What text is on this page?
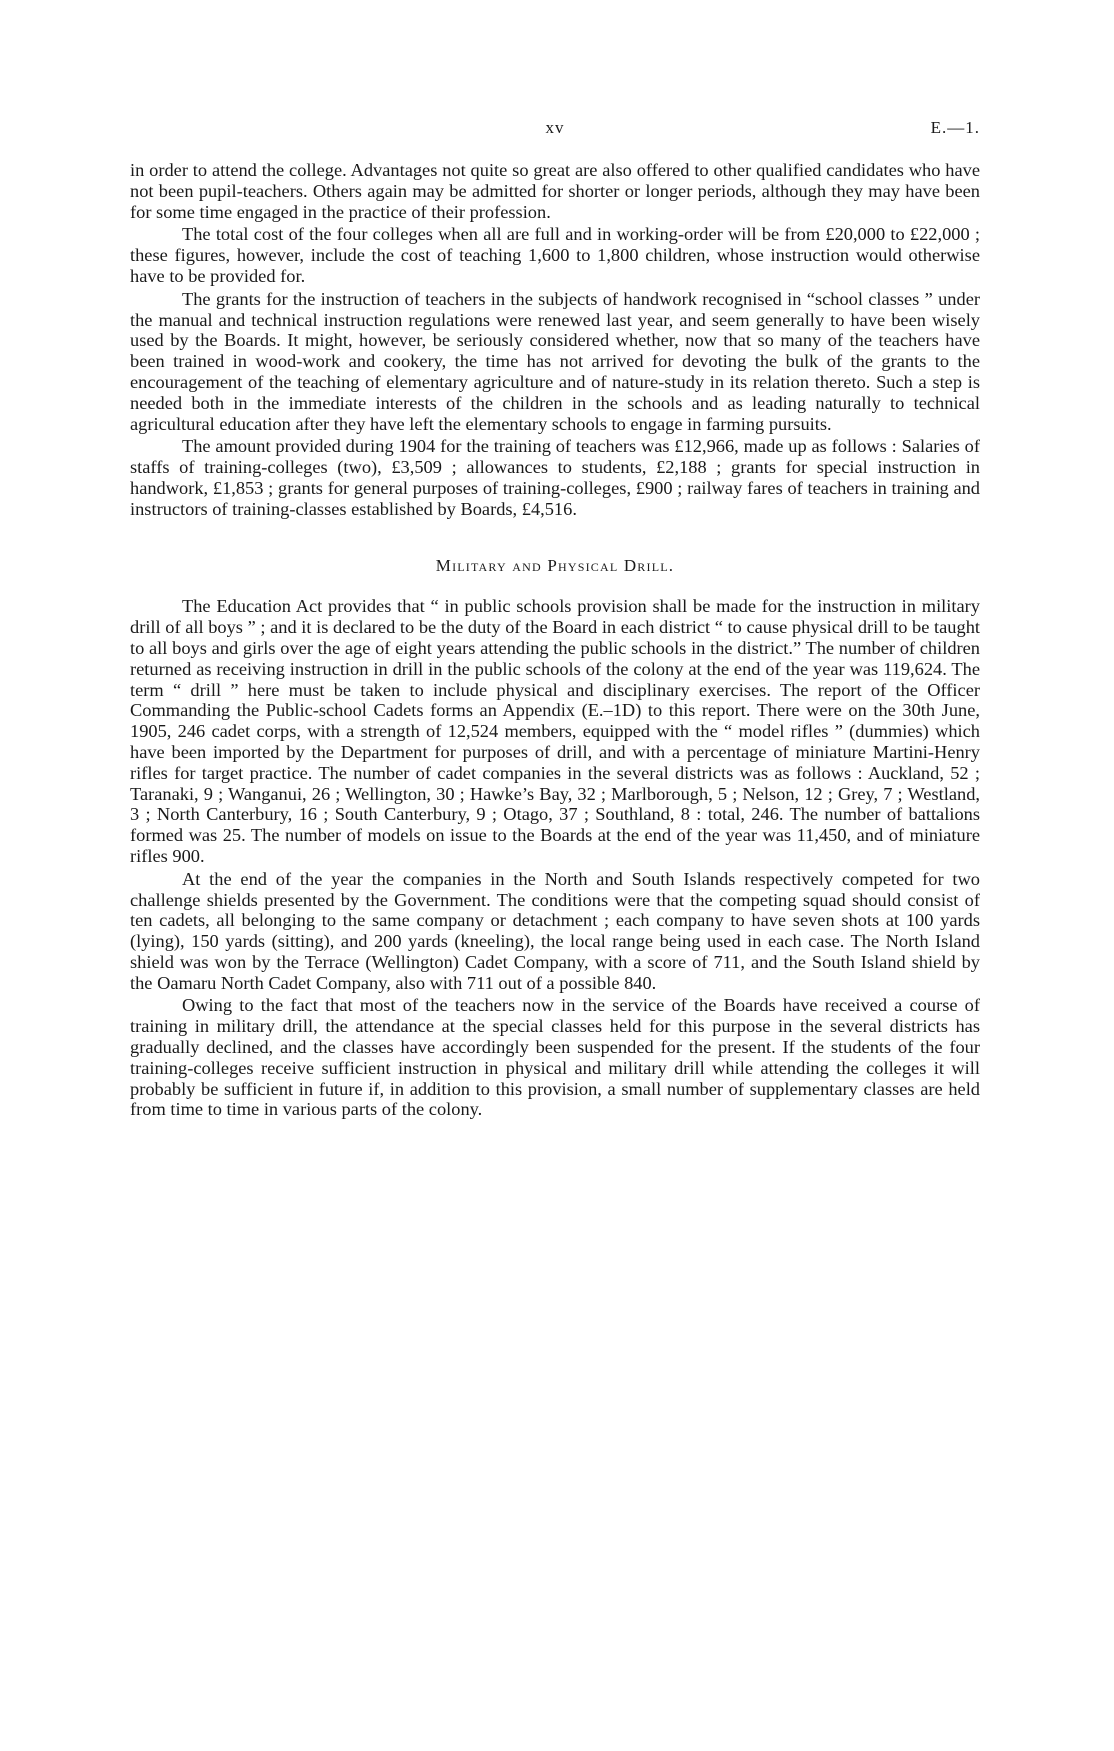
xv	E.—1.

in order to attend the college. Advantages not quite so great are also offered to other qualified candidates who have not been pupil-teachers. Others again may be admitted for shorter or longer periods, although they may have been for some time engaged in the practice of their profession.

The total cost of the four colleges when all are full and in working-order will be from £20,000 to £22,000 ; these figures, however, include the cost of teaching 1,600 to 1,800 children, whose instruction would otherwise have to be provided for.

The grants for the instruction of teachers in the subjects of handwork recognised in “school classes ” under the manual and technical instruction regulations were renewed last year, and seem generally to have been wisely used by the Boards. It might, however, be seriously considered whether, now that so many of the teachers have been trained in wood-work and cookery, the time has not arrived for devoting the bulk of the grants to the encouragement of the teaching of elementary agriculture and of nature-study in its relation thereto. Such a step is needed both in the immediate interests of the children in the schools and as leading naturally to technical agricultural education after they have left the elementary schools to engage in farming pursuits.

The amount provided during 1904 for the training of teachers was £12,966, made up as follows : Salaries of staffs of training-colleges (two), £3,509 ; allowances to students, £2,188 ; grants for special instruction in handwork, £1,853 ; grants for general purposes of training-colleges, £900 ; railway fares of teachers in training and instructors of training-classes established by Boards, £4,516.

Military and Physical Drill.

The Education Act provides that “ in public schools provision shall be made for the instruction in military drill of all boys ” ; and it is declared to be the duty of the Board in each district “ to cause physical drill to be taught to all boys and girls over the age of eight years attending the public schools in the district.” The number of children returned as receiving instruction in drill in the public schools of the colony at the end of the year was 119,624. The term “ drill ” here must be taken to include physical and disciplinary exercises. The report of the Officer Commanding the Public-school Cadets forms an Appendix (E.–1D) to this report. There were on the 30th June, 1905, 246 cadet corps, with a strength of 12,524 members, equipped with the “ model rifles ” (dummies) which have been imported by the Department for purposes of drill, and with a percentage of miniature Martini-Henry rifles for target practice. The number of cadet companies in the several districts was as follows : Auckland, 52 ; Taranaki, 9 ; Wanganui, 26 ; Wellington, 30 ; Hawke’s Bay, 32 ; Marlborough, 5 ; Nelson, 12 ; Grey, 7 ; Westland, 3 ; North Canterbury, 16 ; South Canterbury, 9 ; Otago, 37 ; Southland, 8 : total, 246. The number of battalions formed was 25. The number of models on issue to the Boards at the end of the year was 11,450, and of miniature rifles 900.

At the end of the year the companies in the North and South Islands respectively competed for two challenge shields presented by the Government. The conditions were that the competing squad should consist of ten cadets, all belonging to the same company or detachment ; each company to have seven shots at 100 yards (lying), 150 yards (sitting), and 200 yards (kneeling), the local range being used in each case. The North Island shield was won by the Terrace (Wellington) Cadet Company, with a score of 711, and the South Island shield by the Oamaru North Cadet Company, also with 711 out of a possible 840.

Owing to the fact that most of the teachers now in the service of the Boards have received a course of training in military drill, the attendance at the special classes held for this purpose in the several districts has gradually declined, and the classes have accordingly been suspended for the present. If the students of the four training-colleges receive sufficient instruction in physical and military drill while attending the colleges it will probably be sufficient in future if, in addition to this provision, a small number of supplementary classes are held from time to time in various parts of the colony.
